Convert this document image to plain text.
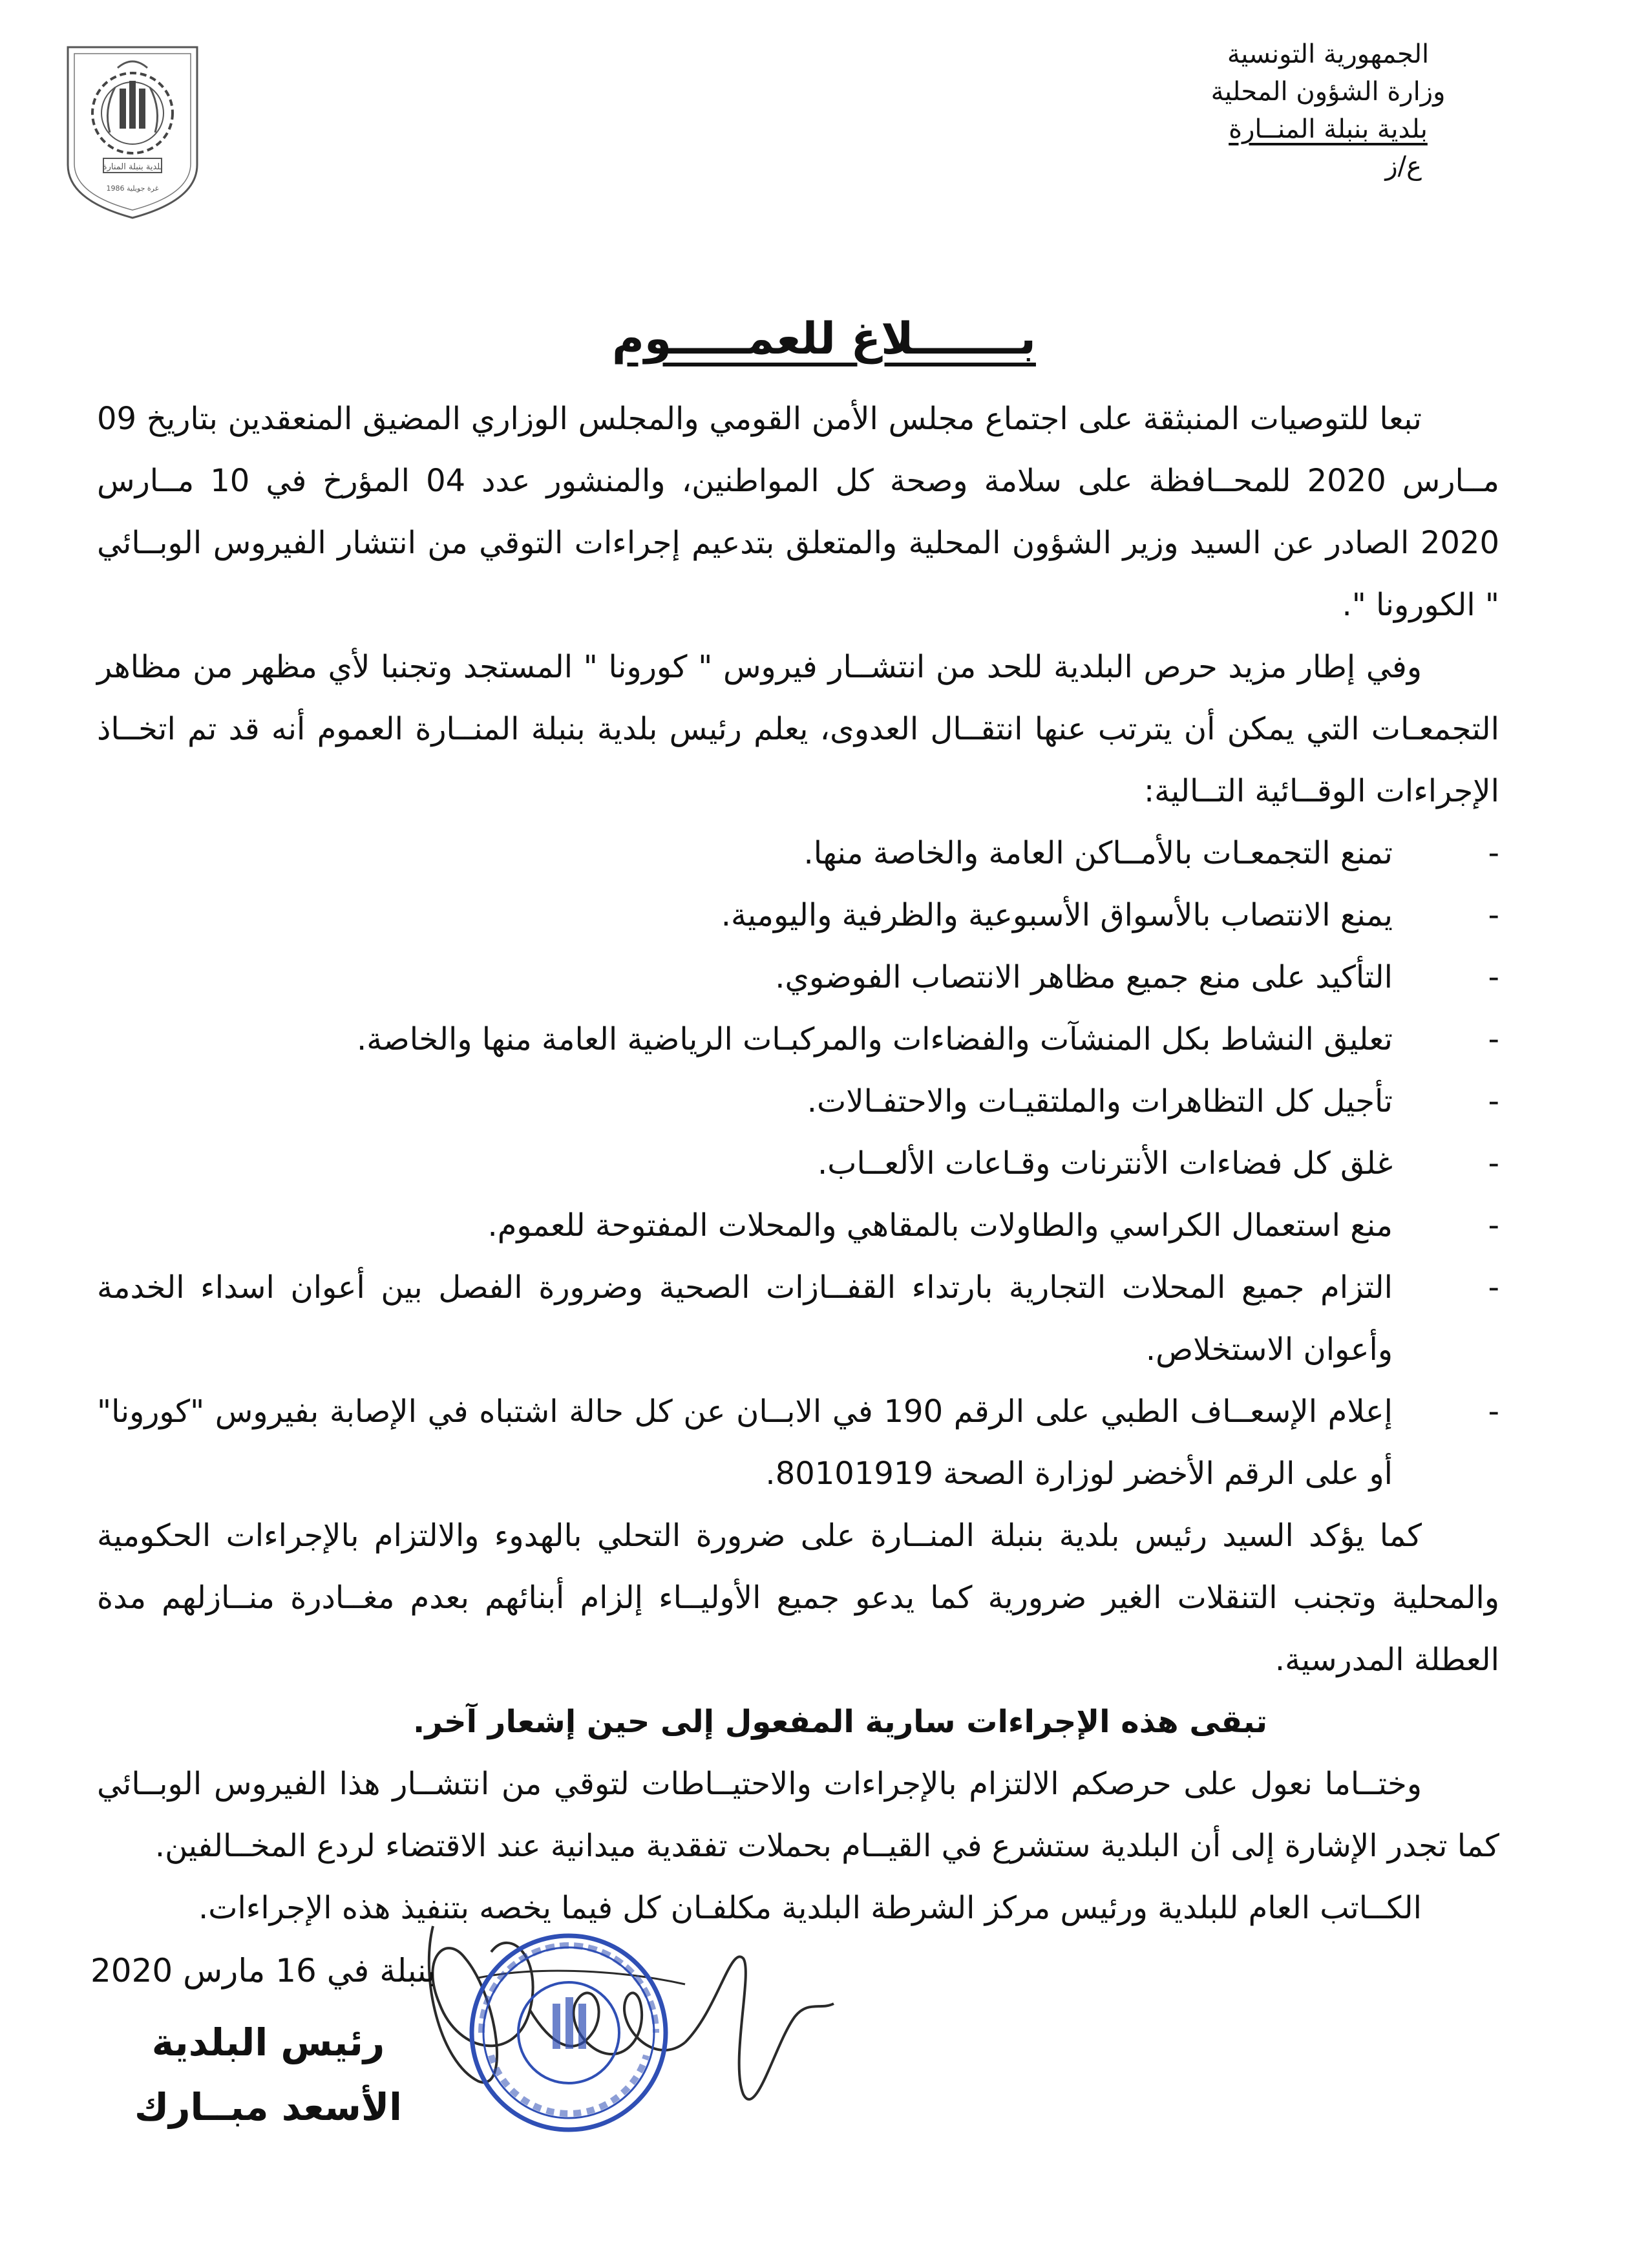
بلدية بنبلة المنارة
غرة جويلية 1986
الجمهورية التونسية
وزارة الشؤون المحلية
بلدية بنبلة المنــارة
ع/ز
بـــــــلاغ للعمـــــوم

تبعا للتوصيات المنبثقة على اجتماع مجلس الأمن القومي والمجلس الوزاري المضيق المنعقدين بتاريخ 09 مــارس 2020 للمحــافظة على سلامة وصحة كل المواطنين، والمنشور عدد 04 المؤرخ في 10 مــارس 2020 الصادر عن السيد وزير الشؤون المحلية والمتعلق بتدعيم إجراءات التوقي من انتشار الفيروس الوبــائي " الكورونا ".

وفي إطار مزيد حرص البلدية للحد من انتشــار فيروس " كورونا " المستجد وتجنبا لأي مظهر من مظاهر التجمعـات التي يمكن أن يترتب عنها انتقــال العدوى، يعلم رئيس بلدية بنبلة المنــارة العموم أنه قد تم اتخــاذ الإجراءات الوقــائية التــالية:

-
تمنع التجمعـات بالأمــاكن العامة والخاصة منها.
-
يمنع الانتصاب بالأسواق الأسبوعية والظرفية واليومية.
-
التأكيد على منع جميع مظاهر الانتصاب الفوضوي.
-
تعليق النشاط بكل المنشآت والفضاءات والمركبـات الرياضية العامة منها والخاصة.
-
تأجيل كل التظاهرات والملتقيـات والاحتفـالات.
-
غلق كل فضاءات الأنترنات وقـاعات الألعــاب.
-
منع استعمال الكراسي والطاولات بالمقاهي والمحلات المفتوحة للعموم.
-
التزام جميع المحلات التجارية بارتداء القفــازات الصحية وضرورة الفصل بين أعوان اسداء الخدمة وأعوان الاستخلاص.
-
إعلام الإسعــاف الطبي على الرقم 190 في الابــان عن كل حالة اشتباه في الإصابة بفيروس "كورونا" أو على الرقم الأخضر لوزارة الصحة 80101919.

كما يؤكد السيد رئيس بلدية بنبلة المنــارة على ضرورة التحلي بالهدوء والالتزام بالإجراءات الحكومية والمحلية وتجنب التنقلات الغير ضرورية كما يدعو جميع الأوليــاء إلزام أبنائهم بعدم مغــادرة منــازلهم مدة العطلة المدرسية.

تبقى هذه الإجراءات سارية المفعول إلى حين إشعار آخر.

وختــاما نعول على حرصكم الالتزام بالإجراءات والاحتيــاطات لتوقي من انتشــار هذا الفيروس الوبــائي كما تجدر الإشارة إلى أن البلدية ستشرع في القيــام بحملات تفقدية ميدانية عند الاقتضاء لردع المخــالفين.

الكــاتب العام للبلدية ورئيس مركز الشرطة البلدية مكلفـان كل فيما يخصه بتنفيذ هذه الإجراءات.

بنبلة في 16 مارس 2020
رئيس البلدية
الأسعد مبــارك
